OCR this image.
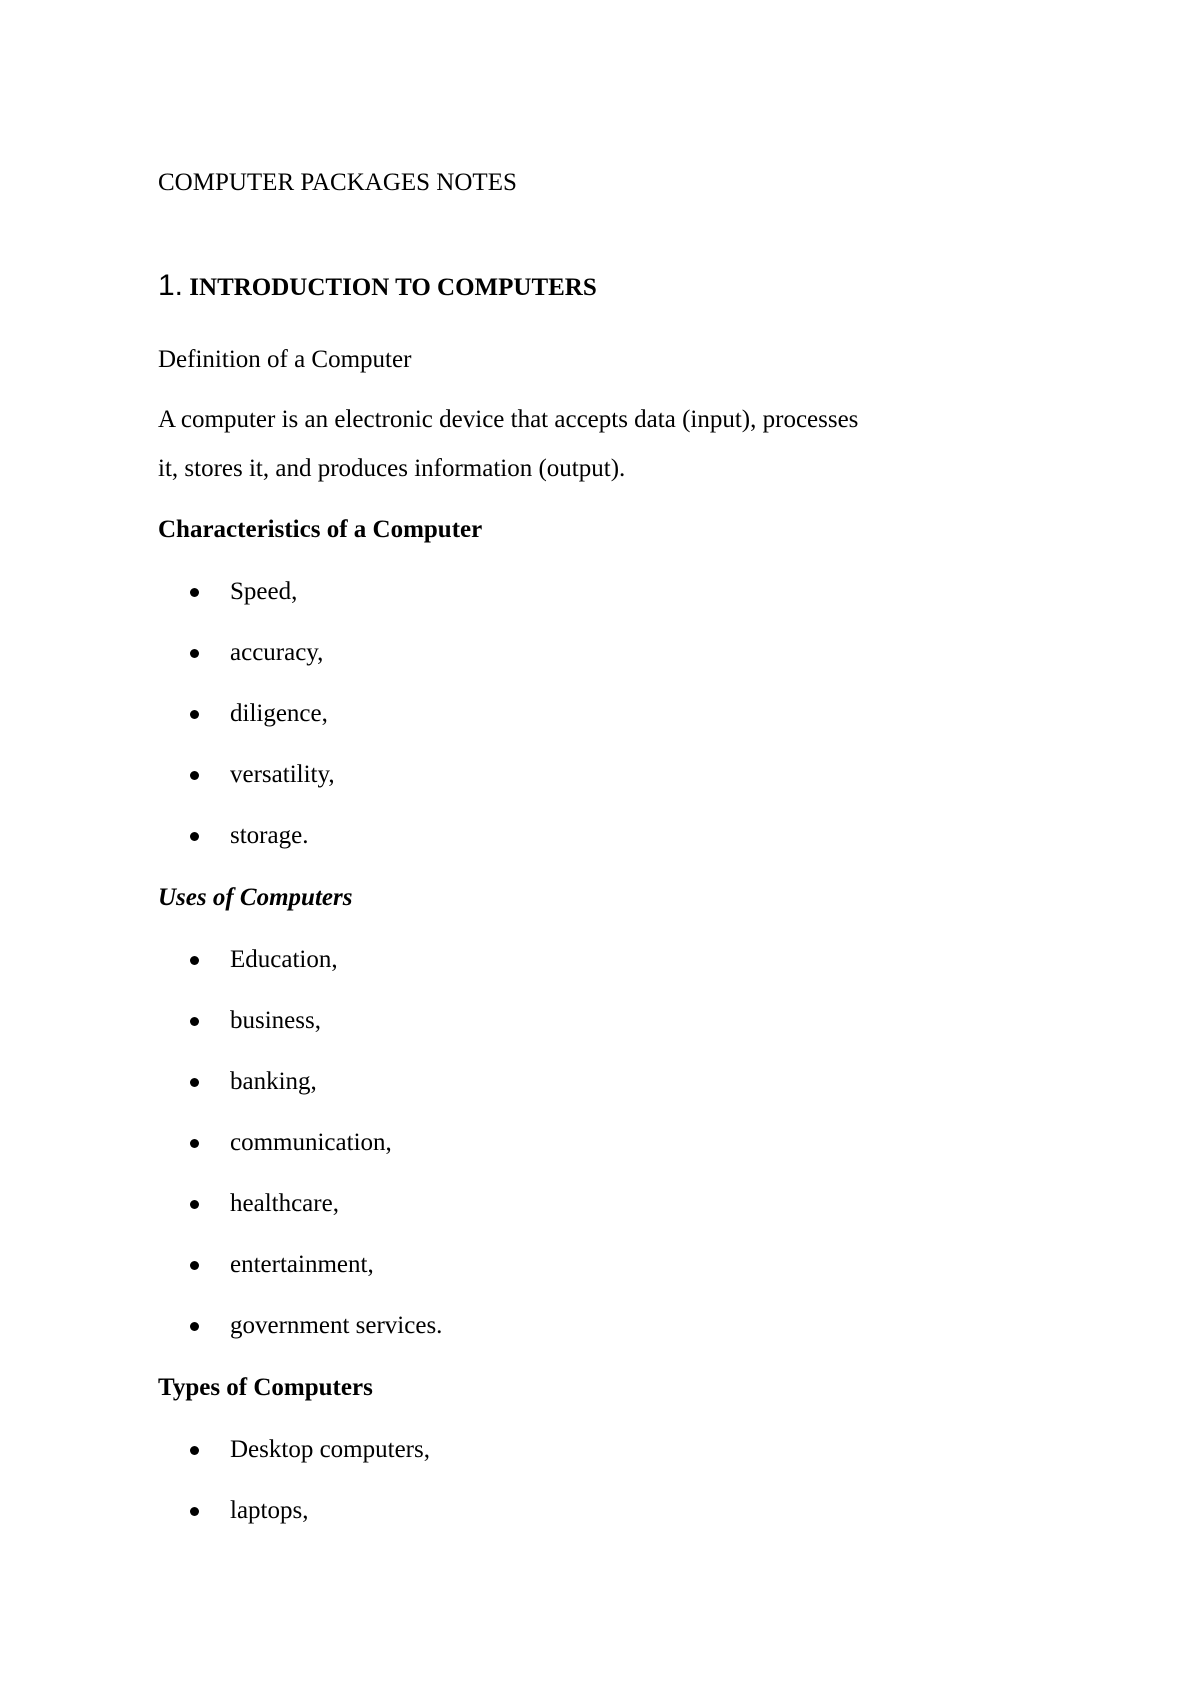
COMPUTER PACKAGES NOTES
1. INTRODUCTION TO COMPUTERS
Definition of a Computer
A computer is an electronic device that accepts data (input), processes
it, stores it, and produces information (output).
Characteristics of a Computer
Speed,
accuracy,
diligence,
versatility,
storage.
Uses of Computers
Education,
business,
banking,
communication,
healthcare,
entertainment,
government services.
Types of Computers
Desktop computers,
laptops,
